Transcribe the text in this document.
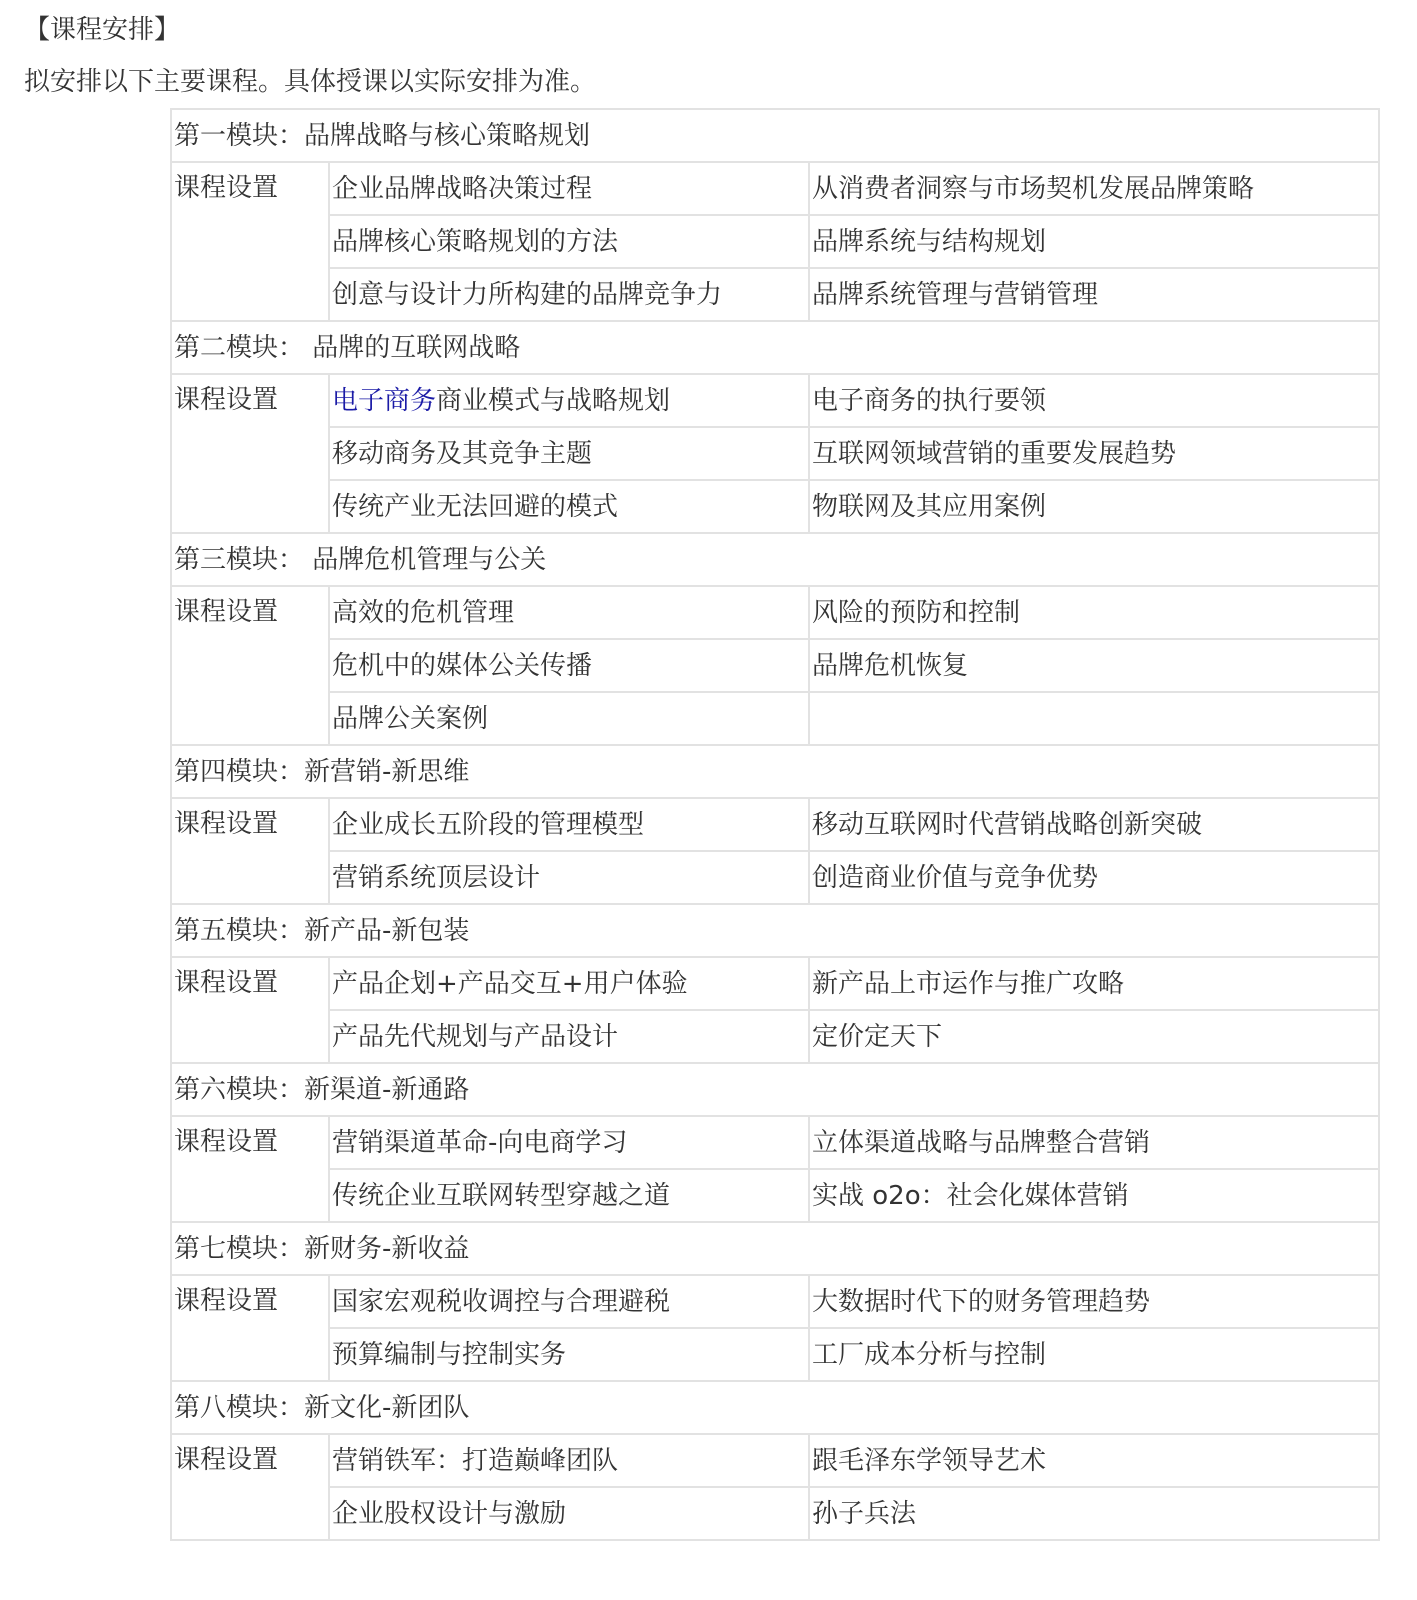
【课程安排】
拟安排以下主要课程。具体授课以实际安排为准。
第一模块：品牌战略与核心策略规划		
课程设置	企业品牌战略决策过程	从消费者洞察与市场契机发展品牌策略
	品牌核心策略规划的方法	品牌系统与结构规划
	创意与设计力所构建的品牌竞争力	品牌系统管理与营销管理
第二模块： 品牌的互联网战略		
课程设置	电子商务商业模式与战略规划	电子商务的执行要领
	移动商务及其竞争主题	互联网领域营销的重要发展趋势
	传统产业无法回避的模式	物联网及其应用案例
第三模块： 品牌危机管理与公关		
课程设置	高效的危机管理	风险的预防和控制
	危机中的媒体公关传播	品牌危机恢复
	品牌公关案例	
第四模块：新营销-新思维		
课程设置	企业成长五阶段的管理模型	移动互联网时代营销战略创新突破
	营销系统顶层设计	创造商业价值与竞争优势
第五模块：新产品-新包装		
课程设置	产品企划+产品交互+用户体验	新产品上市运作与推广攻略
	产品先代规划与产品设计	定价定天下
第六模块：新渠道-新通路		
课程设置	营销渠道革命-向电商学习	立体渠道战略与品牌整合营销
	传统企业互联网转型穿越之道	实战 o2o：社会化媒体营销
第七模块：新财务-新收益		
课程设置	国家宏观税收调控与合理避税	大数据时代下的财务管理趋势
	预算编制与控制实务	工厂成本分析与控制
第八模块：新文化-新团队		
课程设置	营销铁军：打造巅峰团队	跟毛泽东学领导艺术
	企业股权设计与激励	孙子兵法
